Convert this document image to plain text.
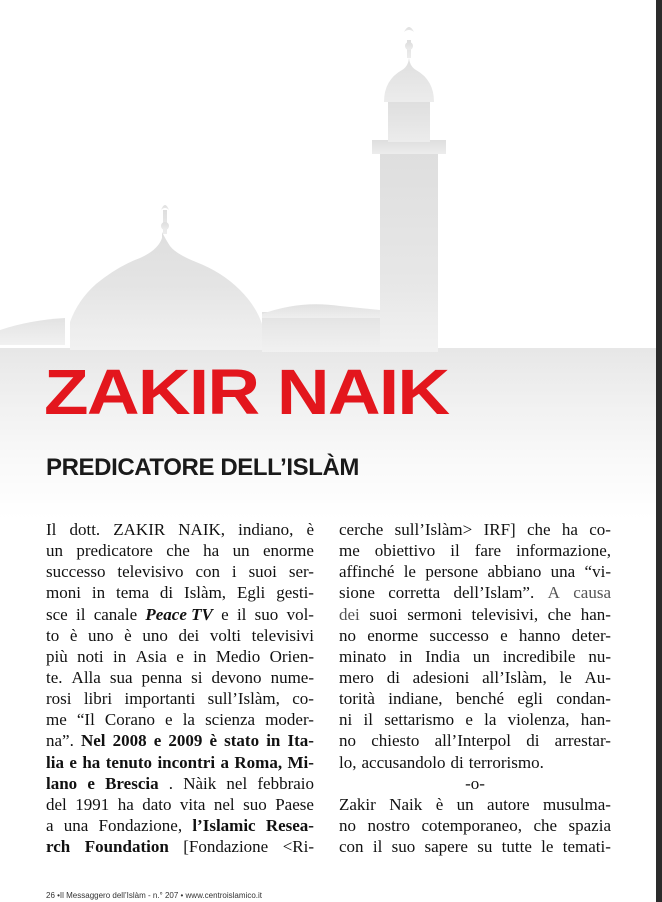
ZAKIR NAIK
PREDICATORE DELL’ISLÀM
Il dott. ZAKIR NAIK, indiano, è
un predicatore che ha un enorme
successo televisivo con i suoi ser-
moni in tema di Islàm, Egli gesti-
sce il canale Peace TV e il suo vol-
to è uno è uno dei volti televisivi
più noti in Asia e in Medio Orien-
te. Alla sua penna si devono nume-
rosi libri importanti sull’Islàm, co-
me “Il Corano e la scienza moder-
na”. Nel 2008 e 2009 è stato in Ita-
lia e ha tenuto incontri a Roma, Mi-
lano e Brescia . Nàik nel febbraio
del 1991 ha dato vita nel suo Paese
a una Fondazione, l’Islamic Resea-
rch Foundation [Fondazione <Ri-
cerche sull’Islàm> IRF] che ha co-
me obiettivo il fare informazione,
affinché le persone abbiano una “vi-
sione corretta dell’Islam”. A causa
dei suoi sermoni televisivi, che han-
no enorme successo e hanno deter-
minato in India un incredibile nu-
mero di adesioni all’Islàm, le Au-
torità indiane, benché egli condan-
ni il settarismo e la violenza, han-
no chiesto all’Interpol di arrestar-
lo, accusandolo di terrorismo.
-o-
Zakir Naik è un autore musulma-
no nostro cotemporaneo, che spazia
con il suo sapere su tutte le temati-
26 •Il Messaggero dell’Islàm - n.° 207 • www.centroislamico.it
